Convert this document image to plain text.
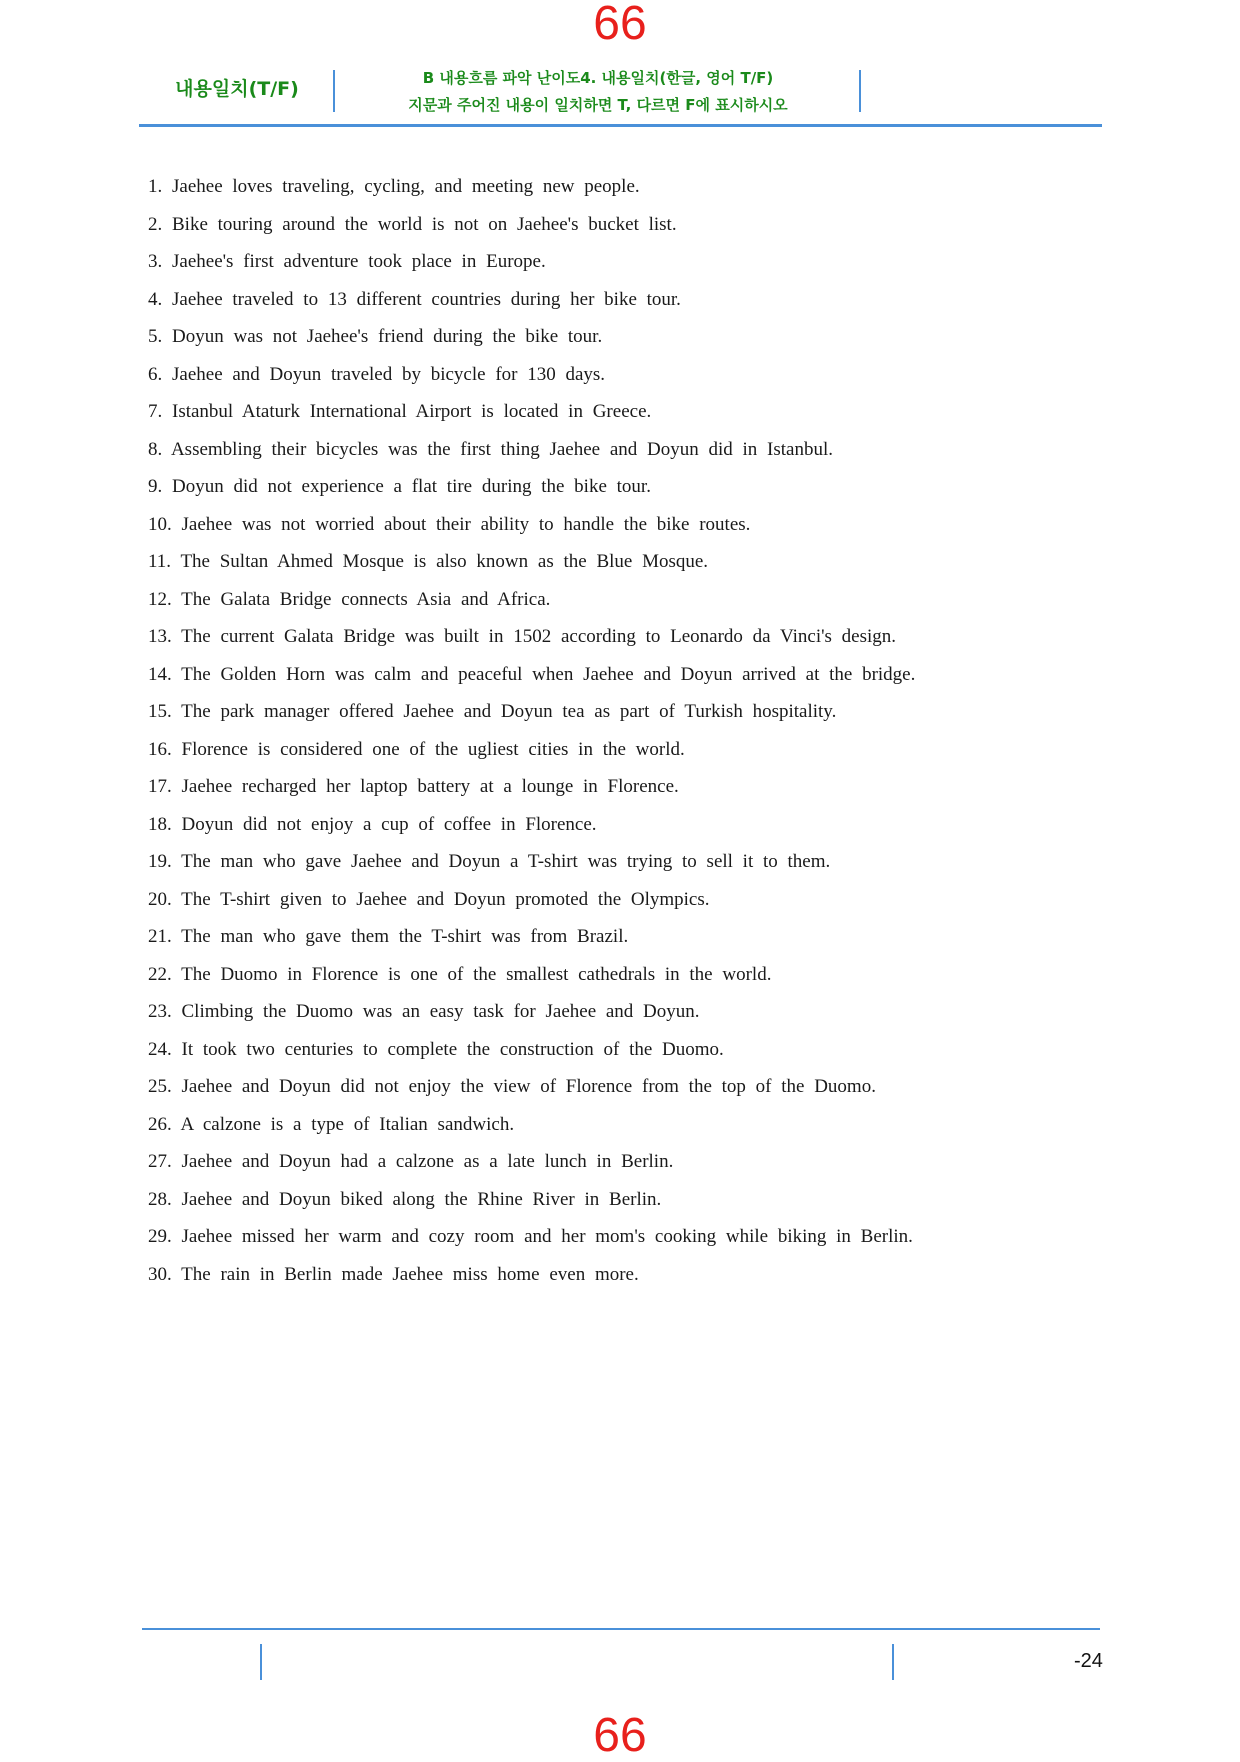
66
내용일치(T/F)	B 내용흐름 파악 난이도4. 내용일치(한글, 영어 T/F)
지문과 주어진 내용이 일치하면 T, 다르면 F에 표시하시오
1. Jaehee loves traveling, cycling, and meeting new people.
2. Bike touring around the world is not on Jaehee's bucket list.
3. Jaehee's first adventure took place in Europe.
4. Jaehee traveled to 13 different countries during her bike tour.
5. Doyun was not Jaehee's friend during the bike tour.
6. Jaehee and Doyun traveled by bicycle for 130 days.
7. Istanbul Ataturk International Airport is located in Greece.
8. Assembling their bicycles was the first thing Jaehee and Doyun did in Istanbul.
9. Doyun did not experience a flat tire during the bike tour.
10. Jaehee was not worried about their ability to handle the bike routes.
11. The Sultan Ahmed Mosque is also known as the Blue Mosque.
12. The Galata Bridge connects Asia and Africa.
13. The current Galata Bridge was built in 1502 according to Leonardo da Vinci's design.
14. The Golden Horn was calm and peaceful when Jaehee and Doyun arrived at the bridge.
15. The park manager offered Jaehee and Doyun tea as part of Turkish hospitality.
16. Florence is considered one of the ugliest cities in the world.
17. Jaehee recharged her laptop battery at a lounge in Florence.
18. Doyun did not enjoy a cup of coffee in Florence.
19. The man who gave Jaehee and Doyun a T-shirt was trying to sell it to them.
20. The T-shirt given to Jaehee and Doyun promoted the Olympics.
21. The man who gave them the T-shirt was from Brazil.
22. The Duomo in Florence is one of the smallest cathedrals in the world.
23. Climbing the Duomo was an easy task for Jaehee and Doyun.
24. It took two centuries to complete the construction of the Duomo.
25. Jaehee and Doyun did not enjoy the view of Florence from the top of the Duomo.
26. A calzone is a type of Italian sandwich.
27. Jaehee and Doyun had a calzone as a late lunch in Berlin.
28. Jaehee and Doyun biked along the Rhine River in Berlin.
29. Jaehee missed her warm and cozy room and her mom's cooking while biking in Berlin.
30. The rain in Berlin made Jaehee miss home even more.
-24
66
